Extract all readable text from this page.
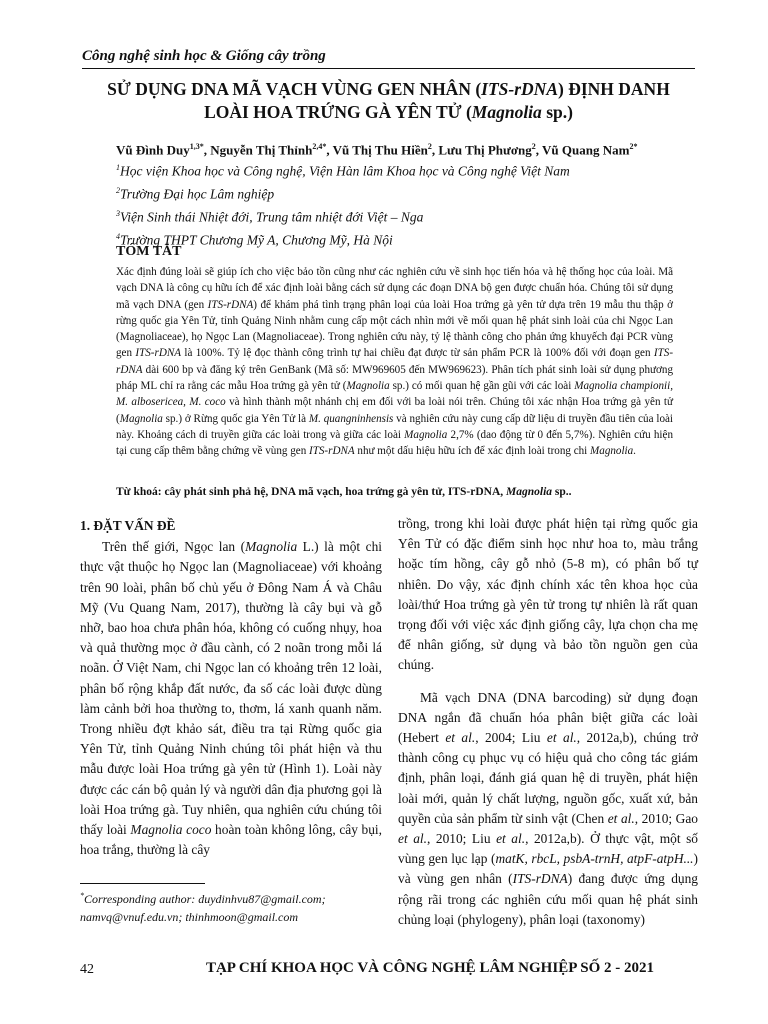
Công nghệ sinh học & Giống cây trồng
SỬ DỤNG DNA MÃ VẠCH VÙNG GEN NHÂN (ITS-rDNA) ĐỊNH DANH
LOÀI HOA TRỨNG GÀ YÊN TỬ (Magnolia sp.)
Vũ Đình Duy$^{1,3*}$, Nguyễn Thị Thỉnh$^{2,4*}$, Vũ Thị Thu Hiền$^2$, Lưu Thị Phương$^2$, Vũ Quang Nam$^{2*}$
$^1$Học viện Khoa học và Công nghệ, Viện Hàn lâm Khoa học và Công nghệ Việt Nam
$^2$Trường Đại học Lâm nghiệp
$^3$Viện Sinh thái Nhiệt đới, Trung tâm nhiệt đới Việt – Nga
$^4$Trường THPT Chương Mỹ A, Chương Mỹ, Hà Nội
TÓM TẮT
Xác định đúng loài sẽ giúp ích cho việc bảo tồn cũng như các nghiên cứu về sinh học tiến hóa và hệ thống học của loài. Mã vạch DNA là công cụ hữu ích để xác định loài bằng cách sử dụng các đoạn DNA bộ gen được chuẩn hóa. Chúng tôi sử dụng mã vạch DNA (gen ITS-rDNA) để khám phá tình trạng phân loại của loài Hoa trứng gà yên tử dựa trên 19 mẫu thu thập ở rừng quốc gia Yên Tử, tỉnh Quảng Ninh nhằm cung cấp một cách nhìn mới về mối quan hệ phát sinh loài của chi Ngọc Lan (Magnoliaceae), họ Ngọc Lan (Magnoliaceae). Trong nghiên cứu này, tỷ lệ thành công cho phản ứng khuyếch đại PCR vùng gen ITS-rDNA là 100%. Tỷ lệ đọc thành công trình tự hai chiều đạt được từ sản phẩm PCR là 100% đối với đoạn gen ITS-rDNA dài 600 bp và đăng ký trên GenBank (Mã số: MW969605 đến MW969623). Phân tích phát sinh loài sử dụng phương pháp ML chỉ ra rằng các mẫu Hoa trứng gà yên tử (Magnolia sp.) có mối quan hệ gần gũi với các loài Magnolia championii, M. albosericea, M. coco và hình thành một nhánh chị em đối với ba loài nói trên. Chúng tôi xác nhận Hoa trứng gà yên tử (Magnolia sp.) ở Rừng quốc gia Yên Tử là M. quangninhensis và nghiên cứu này cung cấp dữ liệu di truyền đầu tiên của loài này. Khoảng cách di truyền giữa các loài trong và giữa các loài Magnolia 2,7% (dao động từ 0 đến 5,7%). Nghiên cứu hiện tại cung cấp thêm bằng chứng về vùng gen ITS-rDNA như một dấu hiệu hữu ích để xác định loài trong chi Magnolia.
Từ khoá: cây phát sinh phả hệ, DNA mã vạch, hoa trứng gà yên tử, ITS-rDNA, Magnolia sp..
1. ĐẶT VẤN ĐỀ

Trên thế giới, Ngọc lan (Magnolia L.) là một chi thực vật thuộc họ Ngọc lan (Magnoliaceae) với khoảng trên 90 loài, phân bố chủ yếu ở Đông Nam Á và Châu Mỹ (Vu Quang Nam, 2017), thường là cây bụi và gỗ nhỡ, bao hoa chưa phân hóa, không có cuống nhụy, hoa và quả thường mọc ở đầu cành, có 2 noãn trong mỗi lá noãn. Ở Việt Nam, chi Ngọc lan có khoảng trên 12 loài, phân bố rộng khắp đất nước, đa số các loài được dùng làm cảnh bởi hoa thường to, thơm, lá xanh quanh năm. Trong nhiều đợt khảo sát, điều tra tại Rừng quốc gia Yên Tử, tỉnh Quảng Ninh chúng tôi phát hiện và thu mẫu được loài Hoa trứng gà yên tử (Hình 1). Loài này được các cán bộ quản lý và người dân địa phương gọi là loài Hoa trứng gà. Tuy nhiên, qua nghiên cứu chúng tôi thấy loài Magnolia coco hoàn toàn không lông, cây bụi, hoa trắng, thường là cây

trồng, trong khi loài được phát hiện tại rừng quốc gia Yên Tử có đặc điểm sinh học như hoa to, màu trắng hoặc tím hồng, cây gỗ nhỏ (5-8 m), có phân bố tự nhiên. Do vậy, xác định chính xác tên khoa học của loài/thứ Hoa trứng gà yên tử trong tự nhiên là rất quan trọng đối với việc xác định giống cây, lựa chọn cha mẹ để nhân giống, sử dụng và bảo tồn nguồn gen của chúng.

Mã vạch DNA (DNA barcoding) sử dụng đoạn DNA ngắn đã chuẩn hóa phân biệt giữa các loài (Hebert et al., 2004; Liu et al., 2012a,b), chúng trở thành công cụ phục vụ có hiệu quả cho công tác giám định, phân loại, đánh giá quan hệ di truyền, phát hiện loài mới, quản lý chất lượng, nguồn gốc, xuất xứ, bản quyền của sản phẩm từ sinh vật (Chen et al., 2010; Gao et al., 2010; Liu et al., 2012a,b). Ở thực vật, một số vùng gen lục lạp (matK, rbcL, psbA-trnH, atpF-atpH...) và vùng gen nhân (ITS-rDNA) đang được ứng dụng rộng rãi trong các nghiên cứu mối quan hệ phát sinh chủng loại (phylogeny), phân loại (taxonomy)

*Corresponding author: duydinhvu87@gmail.com;
namvq@vnuf.edu.vn; thinhmoon@gmail.com
42	TẠP CHÍ KHOA HỌC VÀ CÔNG NGHỆ LÂM NGHIỆP SỐ 2 - 2021
